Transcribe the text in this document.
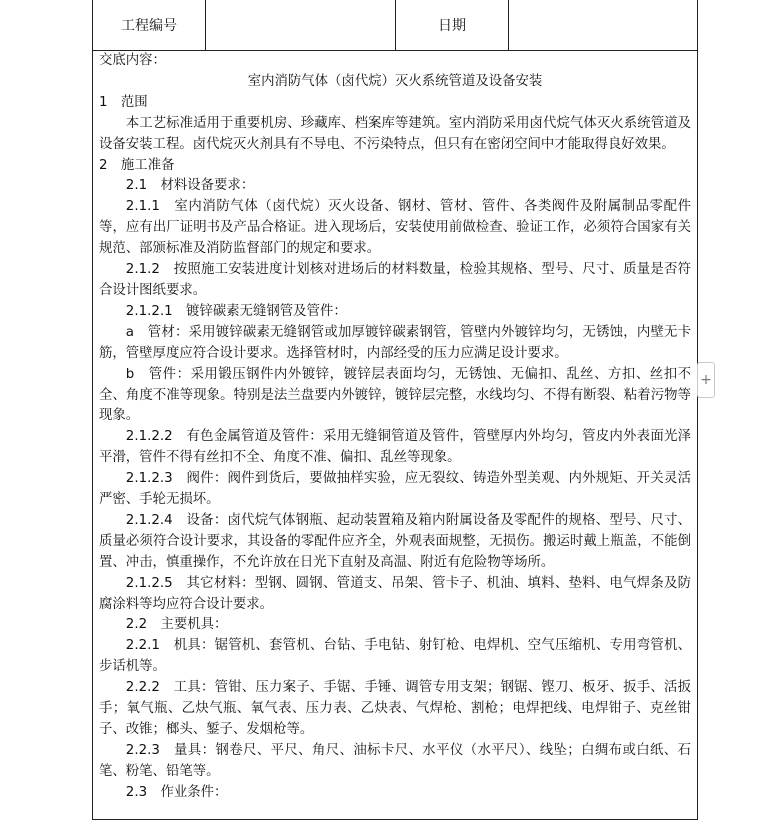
工程编号	日期

交底内容：

室内消防气体（卤代烷）灭火系统管道及设备安装

1　范围

本工艺标准适用于重要机房、珍藏库、档案库等建筑。室内消防采用卤代烷气体灭火系统管道及设备安装工程。卤代烷灭火剂具有不导电、不污染特点，但只有在密闭空间中才能取得良好效果。

2　施工准备

2.1　材料设备要求：

2.1.1　室内消防气体（卤代烷）灭火设备、钢材、管材、管件、各类阀件及附属制品零配件等，应有出厂证明书及产品合格证。进入现场后，安装使用前做检查、验证工作，必须符合国家有关规范、部颁标准及消防监督部门的规定和要求。

2.1.2　按照施工安装进度计划核对进场后的材料数量，检验其规格、型号、尺寸、质量是否符合设计图纸要求。

2.1.2.1　镀锌碳素无缝钢管及管件：

a　管材：采用镀锌碳素无缝钢管或加厚镀锌碳素钢管，管壁内外镀锌均匀，无锈蚀，内壁无卡筋，管壁厚度应符合设计要求。选择管材时，内部经受的压力应满足设计要求。

b　管件：采用锻压钢件内外镀锌，镀锌层表面均匀，无锈蚀、无偏扣、乱丝、方扣、丝扣不全、角度不准等现象。特别是法兰盘要内外镀锌，镀锌层完整，水线均匀、不得有断裂、粘着污物等现象。

2.1.2.2　有色金属管道及管件：采用无缝铜管道及管件，管壁厚内外均匀，管皮内外表面光泽平滑，管件不得有丝扣不全、角度不准、偏扣、乱丝等现象。

2.1.2.3　阀件：阀件到货后，要做抽样实验，应无裂纹、铸造外型美观、内外规矩、开关灵活严密、手轮无损坏。

2.1.2.4　设备：卤代烷气体钢瓶、起动装置箱及箱内附属设备及零配件的规格、型号、尺寸、质量必须符合设计要求，其设备的零配件应齐全，外观表面规整，无损伤。搬运时戴上瓶盖，不能倒置、冲击，慎重操作，不允许放在日光下直射及高温、附近有危险物等场所。

2.1.2.5　其它材料：型钢、圆钢、管道支、吊架、管卡子、机油、填料、垫料、电气焊条及防腐涂料等均应符合设计要求。

2.2　主要机具：

2.2.1　机具：锯管机、套管机、台钻、手电钻、射钉枪、电焊机、空气压缩机、专用弯管机、步话机等。

2.2.2　工具：管钳、压力案子、手锯、手锤、调管专用支架；钢锯、铿刀、板牙、扳手、活扳手；氧气瓶、乙炔气瓶、氧气表、压力表、乙炔表、气焊枪、割枪；电焊把线、电焊钳子、克丝钳子、改锥；榔头、錾子、发烟枪等。

2.2.3　量具：钢卷尺、平尺、角尺、油标卡尺、水平仪（水平尺）、线坠；白绸布或白纸、石笔、粉笔、铅笔等。

2.3　作业条件：

+
